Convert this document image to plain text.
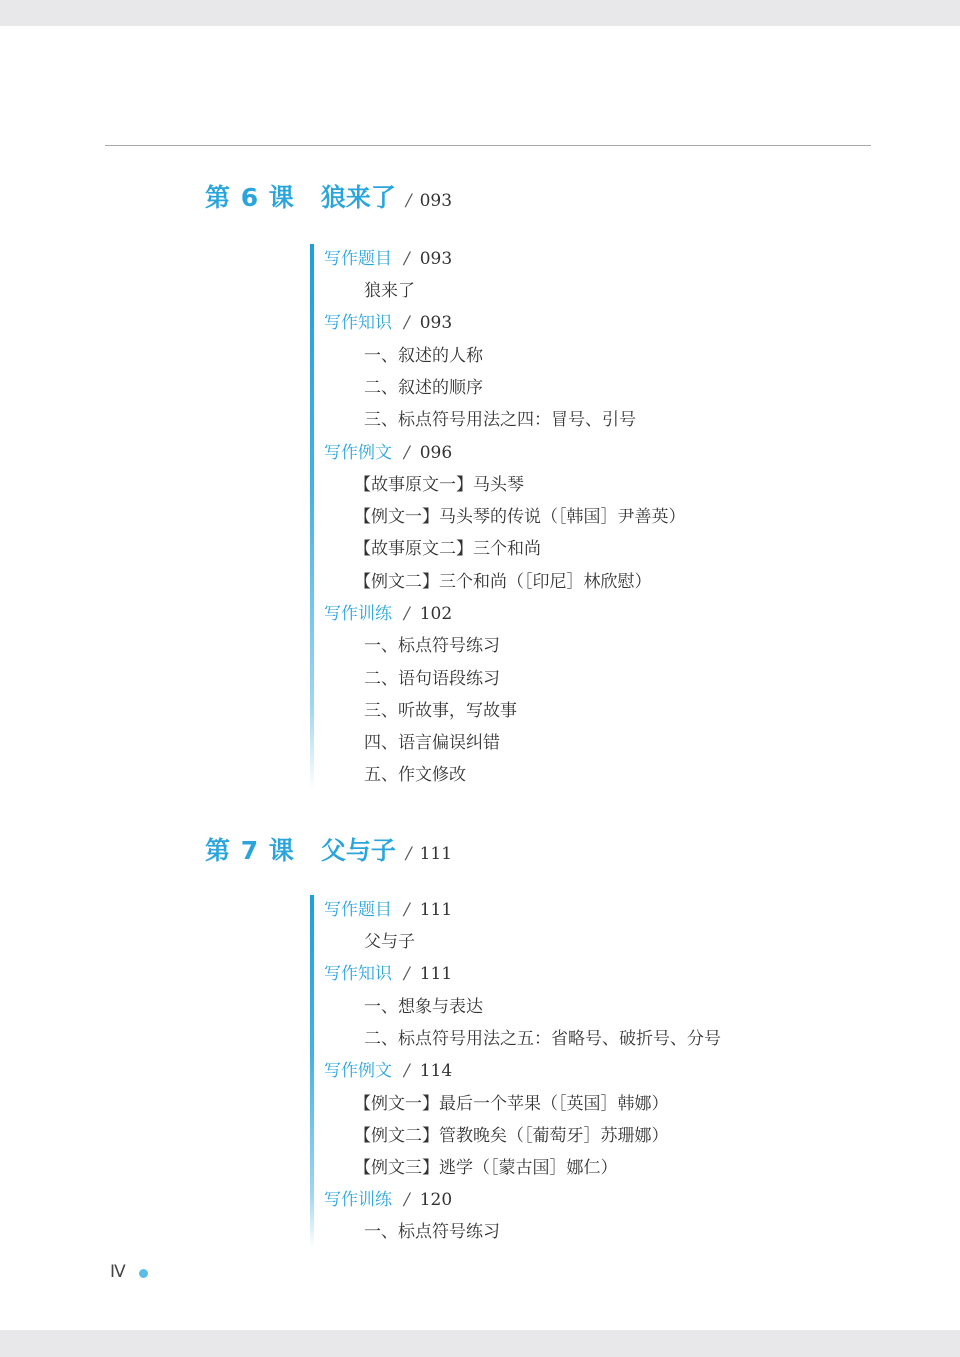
第 6 课 狼来了 / 093
写作题目 / 093
狼来了
写作知识 / 093
一、叙述的人称
二、叙述的顺序
三、标点符号用法之四：冒号、引号
写作例文 / 096
【故事原文一】马头琴
【例文一】马头琴的传说（［韩国］尹善英）
【故事原文二】三个和尚
【例文二】三个和尚（［印尼］林欣慰）
写作训练 / 102
一、标点符号练习
二、语句语段练习
三、听故事，写故事
四、语言偏误纠错
五、作文修改
第 7 课 父与子 / 111
写作题目 / 111
父与子
写作知识 / 111
一、想象与表达
二、标点符号用法之五：省略号、破折号、分号
写作例文 / 114
【例文一】最后一个苹果（［英国］韩娜）
【例文二】管教晚矣（［葡萄牙］苏珊娜）
【例文三】逃学（［蒙古国］娜仁）
写作训练 / 120
一、标点符号练习
Ⅳ
